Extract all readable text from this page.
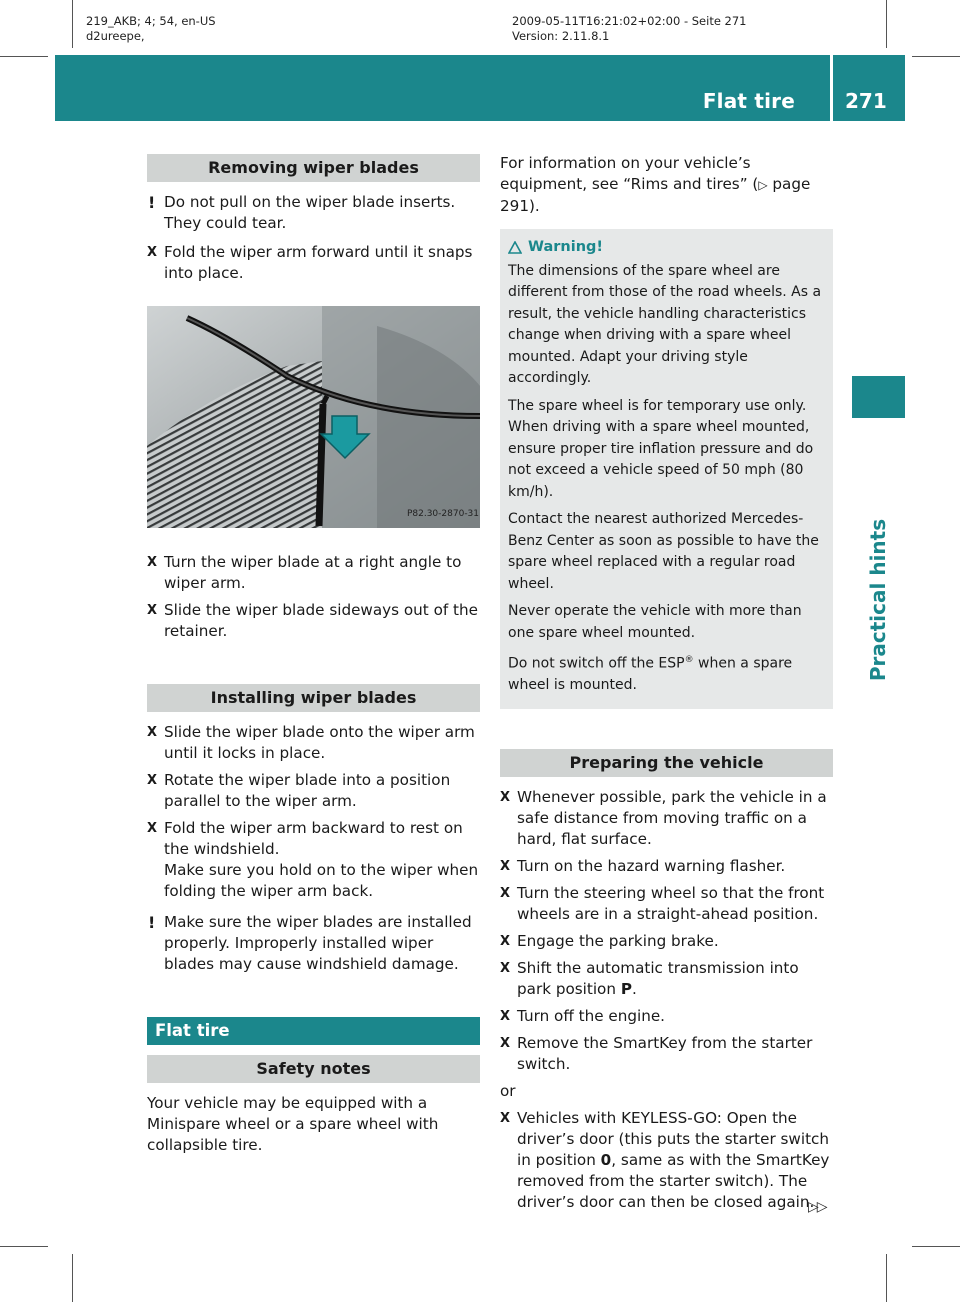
219_AKB; 4; 54, en-US
d2ureepe,
2009-05-11T16:21:02+02:00 - Seite 271
Version: 2.11.8.1
Flat tire	271
Practical hints
Removing wiper blades
! Do not pull on the wiper blade inserts. They could tear.
X Fold the wiper arm forward until it snaps into place.
P82.30-2870-31
X Turn the wiper blade at a right angle to wiper arm.
X Slide the wiper blade sideways out of the retainer.
Installing wiper blades
X Slide the wiper blade onto the wiper arm until it locks in place.
X Rotate the wiper blade into a position parallel to the wiper arm.
X Fold the wiper arm backward to rest on the windshield.
Make sure you hold on to the wiper when folding the wiper arm back.
! Make sure the wiper blades are installed properly. Improperly installed wiper blades may cause windshield damage.
Flat tire
Safety notes

Your vehicle may be equipped with a Minispare wheel or a spare wheel with collapsible tire.

For information on your vehicle’s equipment, see “Rims and tires” (▷ page 291).

Warning!

The dimensions of the spare wheel are different from those of the road wheels. As a result, the vehicle handling characteristics change when driving with a spare wheel mounted. Adapt your driving style accordingly.

The spare wheel is for temporary use only. When driving with a spare wheel mounted, ensure proper tire inflation pressure and do not exceed a vehicle speed of 50 mph (80 km/h).

Contact the nearest authorized Mercedes-Benz Center as soon as possible to have the spare wheel replaced with a regular road wheel.

Never operate the vehicle with more than one spare wheel mounted.

Do not switch off the ESP® when a spare wheel is mounted.

Preparing the vehicle
X Whenever possible, park the vehicle in a safe distance from moving traffic on a hard, flat surface.
X Turn on the hazard warning flasher.
X Turn the steering wheel so that the front wheels are in a straight-ahead position.
X Engage the parking brake.
X Shift the automatic transmission into park position P.
X Turn off the engine.
X Remove the SmartKey from the starter switch.

or

X Vehicles with KEYLESS-GO: Open the driver’s door (this puts the starter switch in position 0, same as with the SmartKey removed from the starter switch). The driver’s door can then be closed again.
▷▷
